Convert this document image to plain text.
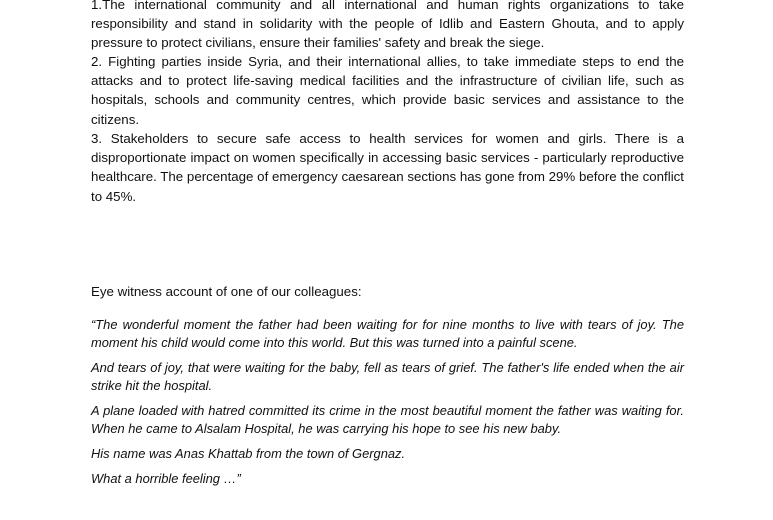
1.The international community and all international and human rights organizations to take responsibility and stand in solidarity with the people of Idlib and Eastern Ghouta, and to apply pressure to protect civilians, ensure their families' safety and break the siege.

2. Fighting parties inside Syria, and their international allies, to take immediate steps to end the attacks and to protect life-saving medical facilities and the infrastructure of civilian life, such as hospitals, schools and community centres, which provide basic services and assistance to the citizens.

3. Stakeholders to secure safe access to health services for women and girls. There is a disproportionate impact on women specifically in accessing basic services - particularly reproductive healthcare. The percentage of emergency caesarean sections has gone from 29% before the conflict to 45%.

Eye witness account of one of our colleagues:

“The wonderful moment the father had been waiting for for nine months to live with tears of joy. The moment his child would come into this world. But this was turned into a painful scene.

And tears of joy, that were waiting for the baby, fell as tears of grief. The father's life ended when the air strike hit the hospital.

A plane loaded with hatred committed its crime in the most beautiful moment the father was waiting for. When he came to Alsalam Hospital, he was carrying his hope to see his new baby.

His name was Anas Khattab from the town of Gergnaz.

What a horrible feeling …”
